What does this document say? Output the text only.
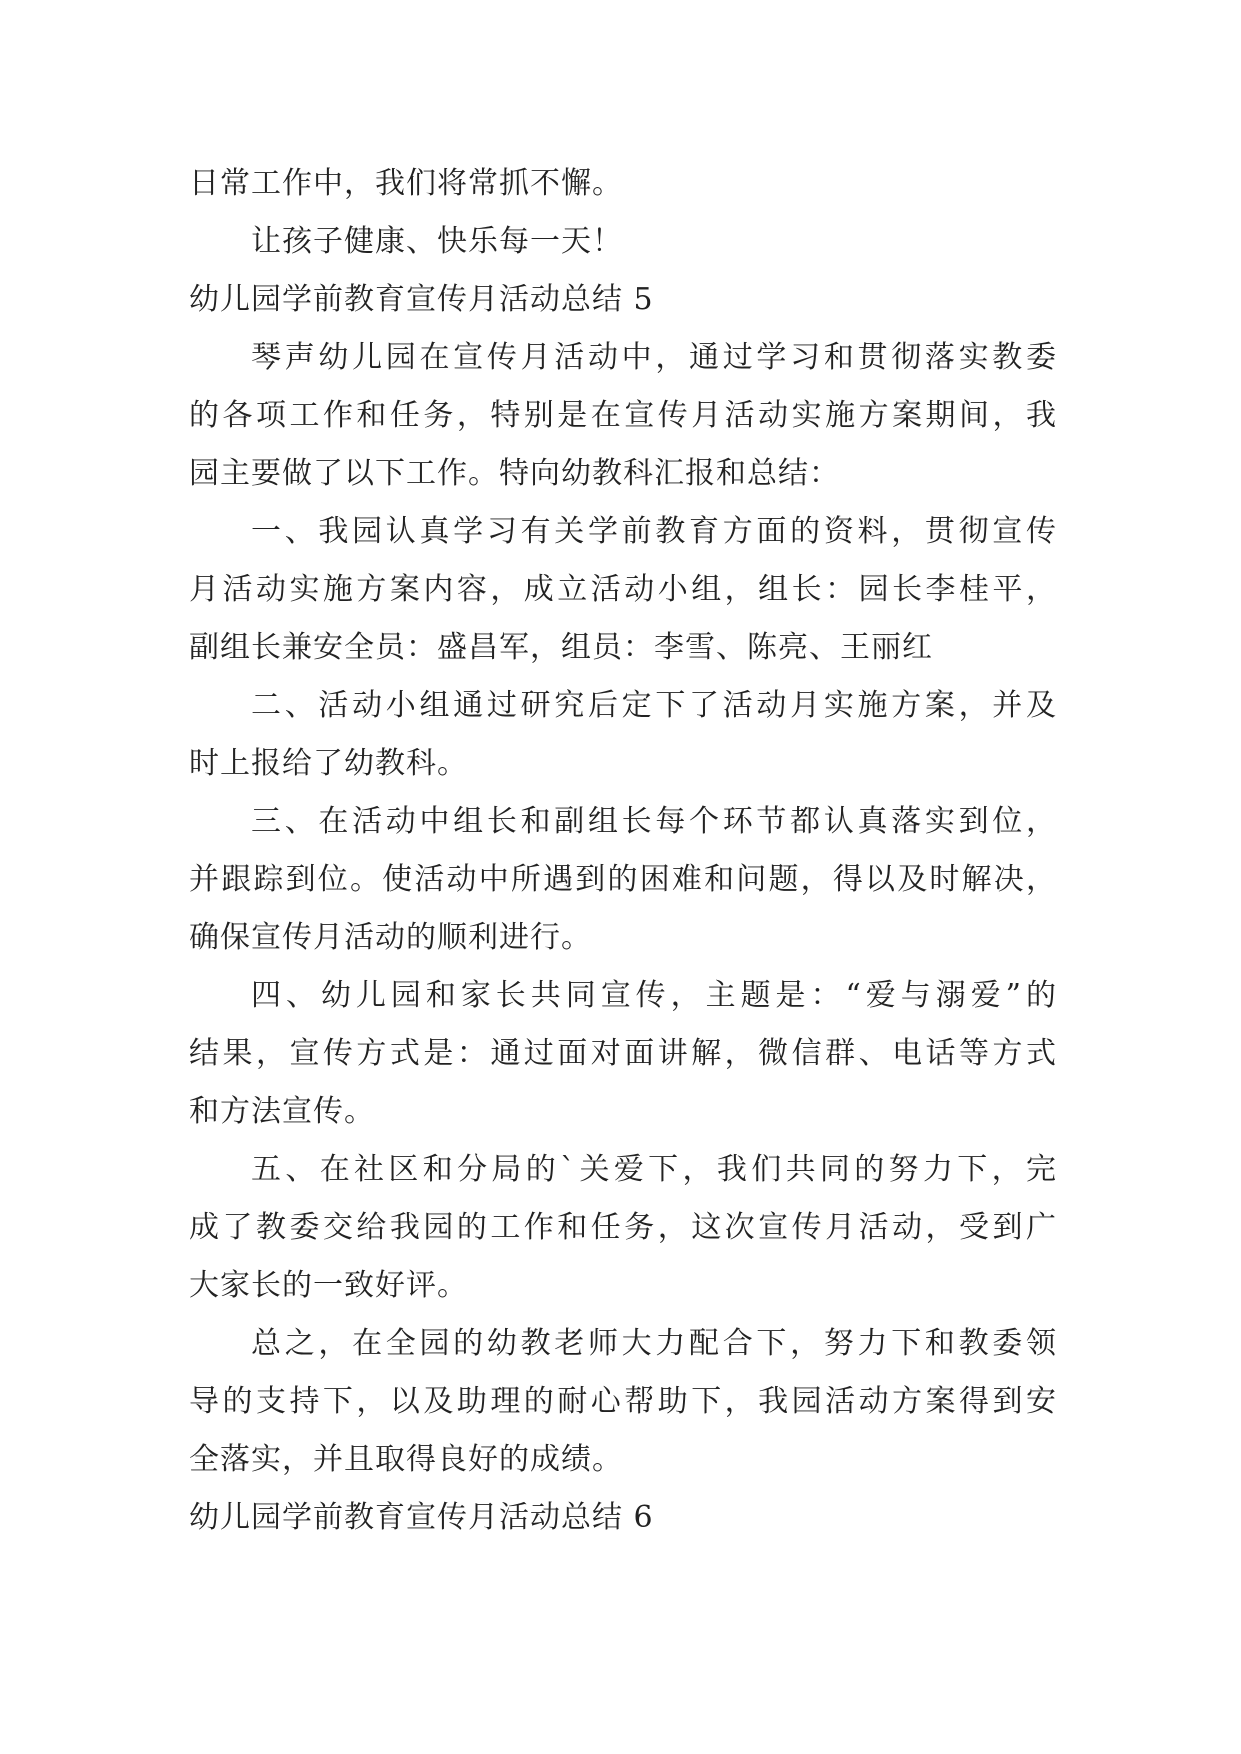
日常工作中，我们将常抓不懈。

让孩子健康、快乐每一天！

幼儿园学前教育宣传月活动总结 5

琴声幼儿园在宣传月活动中，通过学习和贯彻落实教委

的各项工作和任务，特别是在宣传月活动实施方案期间，我

园主要做了以下工作。特向幼教科汇报和总结：

一、我园认真学习有关学前教育方面的资料，贯彻宣传

月活动实施方案内容，成立活动小组，组长：园长李桂平，

副组长兼安全员：盛昌军，组员：李雪、陈亮、王丽红

二、活动小组通过研究后定下了活动月实施方案，并及

时上报给了幼教科。

三、在活动中组长和副组长每个环节都认真落实到位，

并跟踪到位。使活动中所遇到的困难和问题，得以及时解决，

确保宣传月活动的顺利进行。

四、幼儿园和家长共同宣传，主题是：“爱与溺爱”的

结果，宣传方式是：通过面对面讲解，微信群、电话等方式

和方法宣传。

五、在社区和分局的`关爱下，我们共同的努力下，完

成了教委交给我园的工作和任务，这次宣传月活动，受到广

大家长的一致好评。

总之，在全园的幼教老师大力配合下，努力下和教委领

导的支持下，以及助理的耐心帮助下，我园活动方案得到安

全落实，并且取得良好的成绩。

幼儿园学前教育宣传月活动总结 6
